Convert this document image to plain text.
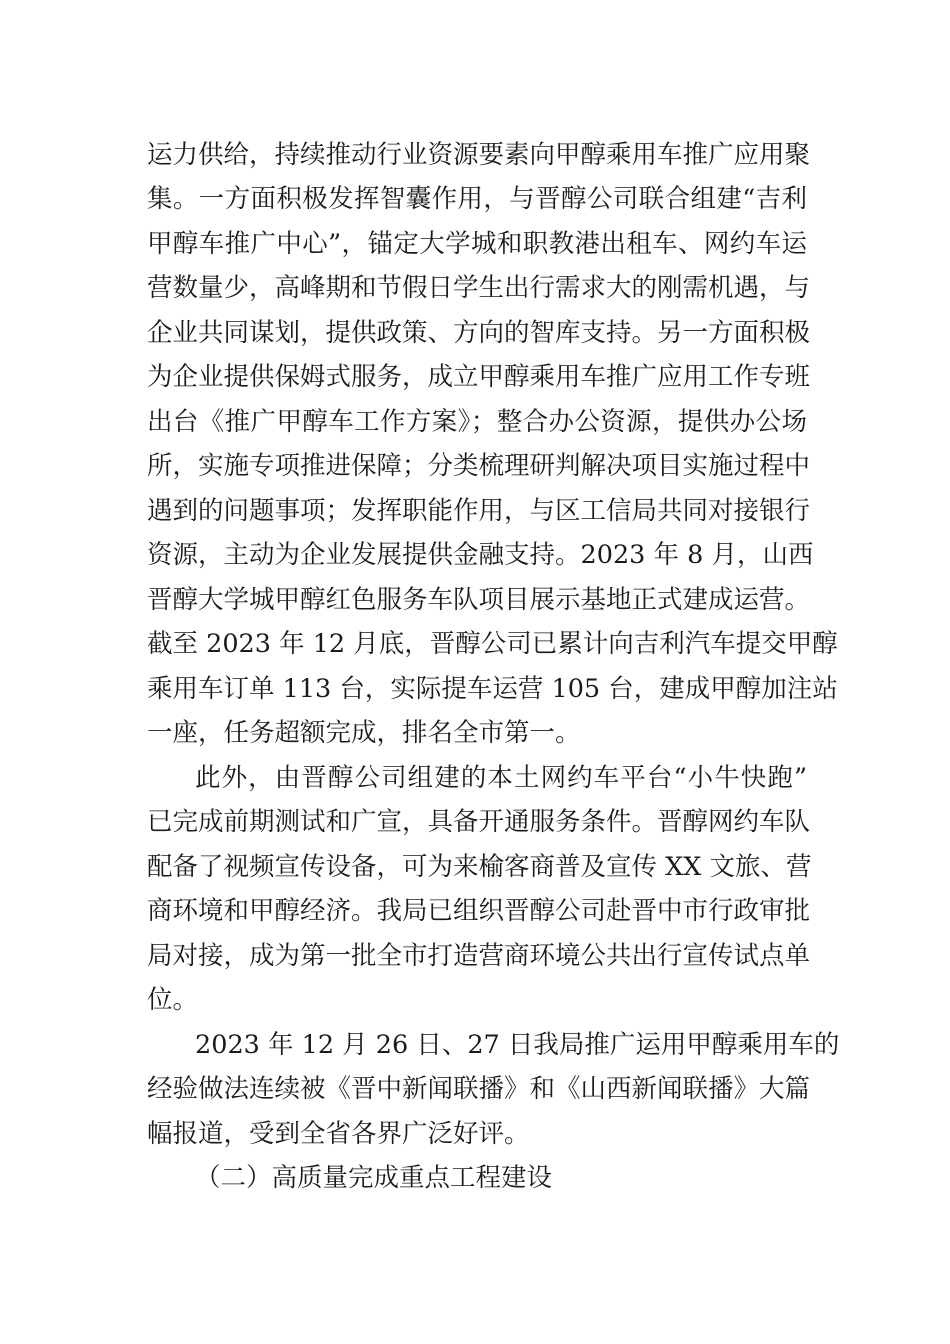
运力供给，持续推动行业资源要素向甲醇乘用车推广应用聚
集。一方面积极发挥智囊作用，与晋醇公司联合组建“吉利
甲醇车推广中心”，锚定大学城和职教港出租车、网约车运
营数量少，高峰期和节假日学生出行需求大的刚需机遇，与
企业共同谋划，提供政策、方向的智库支持。另一方面积极
为企业提供保姆式服务，成立甲醇乘用车推广应用工作专班
出台《推广甲醇车工作方案》；整合办公资源，提供办公场
所，实施专项推进保障；分类梳理研判解决项目实施过程中
遇到的问题事项；发挥职能作用，与区工信局共同对接银行
资源，主动为企业发展提供金融支持。2023 年 8 月，山西
晋醇大学城甲醇红色服务车队项目展示基地正式建成运营。
截至 2023 年 12 月底，晋醇公司已累计向吉利汽车提交甲醇
乘用车订单 113 台，实际提车运营 105 台，建成甲醇加注站
一座，任务超额完成，排名全市第一。
此外，由晋醇公司组建的本土网约车平台“小牛快跑”
已完成前期测试和广宣，具备开通服务条件。晋醇网约车队
配备了视频宣传设备，可为来榆客商普及宣传 XX 文旅、营
商环境和甲醇经济。我局已组织晋醇公司赴晋中市行政审批
局对接，成为第一批全市打造营商环境公共出行宣传试点单
位。
2023 年 12 月 26 日、27 日我局推广运用甲醇乘用车的
经验做法连续被《晋中新闻联播》和《山西新闻联播》大篇
幅报道，受到全省各界广泛好评。
（二）高质量完成重点工程建设
